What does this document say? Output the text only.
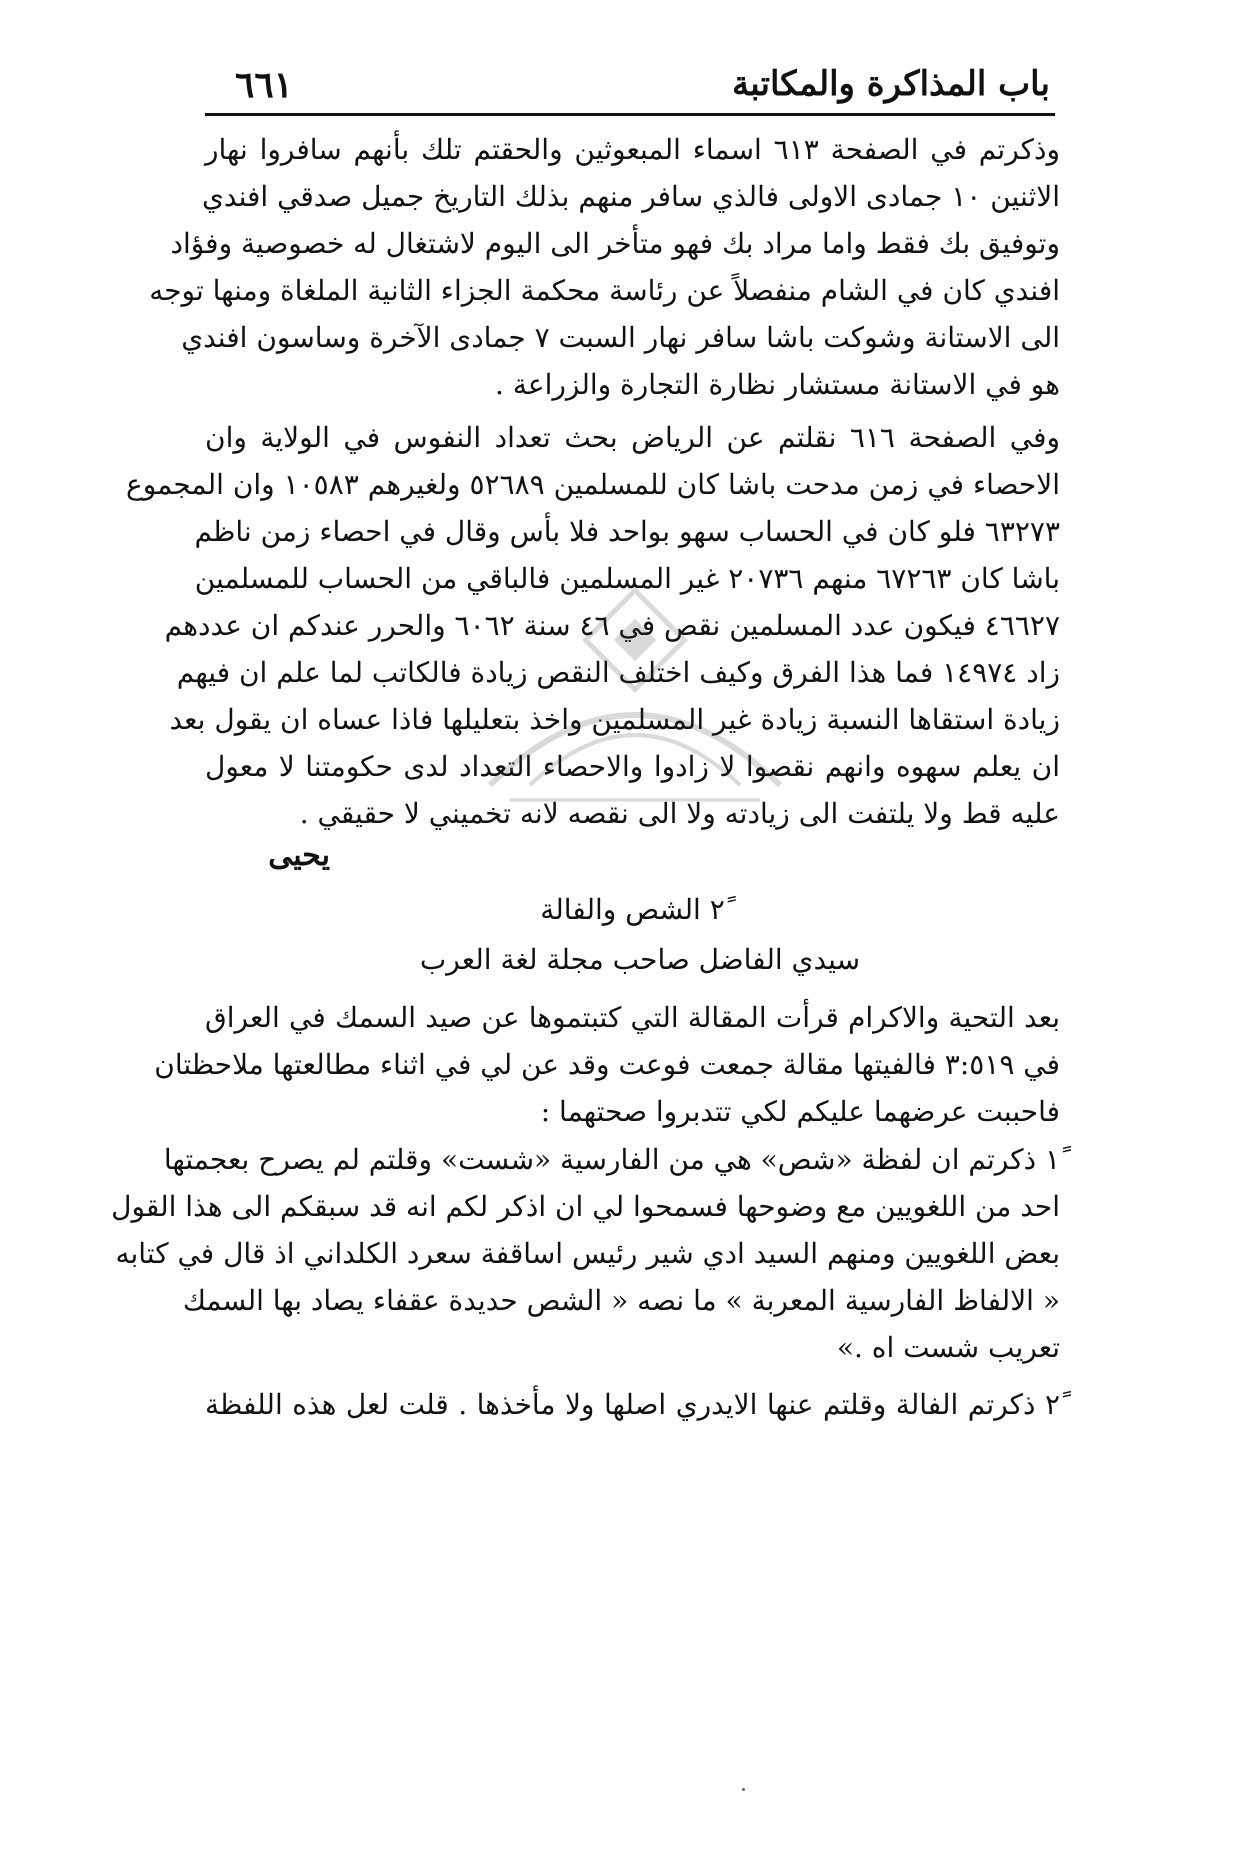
باب المذاكرة والمكاتبة
٦٦١
وذكرتم في الصفحة ٦١٣ اسماء المبعوثين والحقتم تلك بأنهم سافروا نهار
الاثنين ١٠ جمادى الاولى فالذي سافر منهم بذلك التاريخ جميل صدقي افندي
وتوفيق بك فقط واما مراد بك فهو متأخر الى اليوم لاشتغال له خصوصية وفؤاد
افندي كان في الشام منفصلاً عن رئاسة محكمة الجزاء الثانية الملغاة ومنها توجه
الى الاستانة وشوكت باشا سافر نهار السبت ٧ جمادى الآخرة وساسون افندي
هو في الاستانة مستشار نظارة التجارة والزراعة .
وفي الصفحة ٦١٦ نقلتم عن الرياض بحث تعداد النفوس في الولاية وان
الاحصاء في زمن مدحت باشا كان للمسلمين ٥٢٦٨٩ ولغيرهم ١٠٥٨٣ وان المجموع
٦٣٢٧٣ فلو كان في الحساب سهو بواحد فلا بأس وقال في احصاء زمن ناظم
باشا كان ٦٧٢٦٣ منهم ٢٠٧٣٦ غير المسلمين فالباقي من الحساب للمسلمين
٤٦٦٢٧ فيكون عدد المسلمين نقص في ٤٦ سنة ٦٠٦٢ والحرر عندكم ان عددهم
زاد ١٤٩٧٤ فما هذا الفرق وكيف اختلف النقص زيادة فالكاتب لما علم ان فيهم
زيادة استقاها النسبة زيادة غير المسلمين واخذ بتعليلها فاذا عساه ان يقول بعد
ان يعلم سهوه وانهم نقصوا لا زادوا والاحصاء التعداد لدى حكومتنا لا معول
عليه قط ولا يلتفت الى زيادته ولا الى نقصه لانه تخميني لا حقيقي .
يحيى
٢ً الشص والفالة
سيدي الفاضل صاحب مجلة لغة العرب
بعد التحية والاكرام قرأت المقالة التي كتبتموها عن صيد السمك في العراق
في ٣:٥١٩ فالفيتها مقالة جمعت فوعت وقد عن لي في اثناء مطالعتها ملاحظتان
فاحببت عرضهما عليكم لكي تتدبروا صحتهما :
١ً ذكرتم ان لفظة «شص» هي من الفارسية «شست» وقلتم لم يصرح بعجمتها
احد من اللغويين مع وضوحها فسمحوا لي ان اذكر لكم انه قد سبقكم الى هذا القول
بعض اللغويين ومنهم السيد ادي شير رئيس اساقفة سعرد الكلداني اذ قال في كتابه
« الالفاظ الفارسية المعربة » ما نصه « الشص حديدة عقفاء يصاد بها السمك
تعريب شست اه .»
٢ً ذكرتم الفالة وقلتم عنها الايدري اصلها ولا مأخذها . قلت لعل هذه اللفظة
